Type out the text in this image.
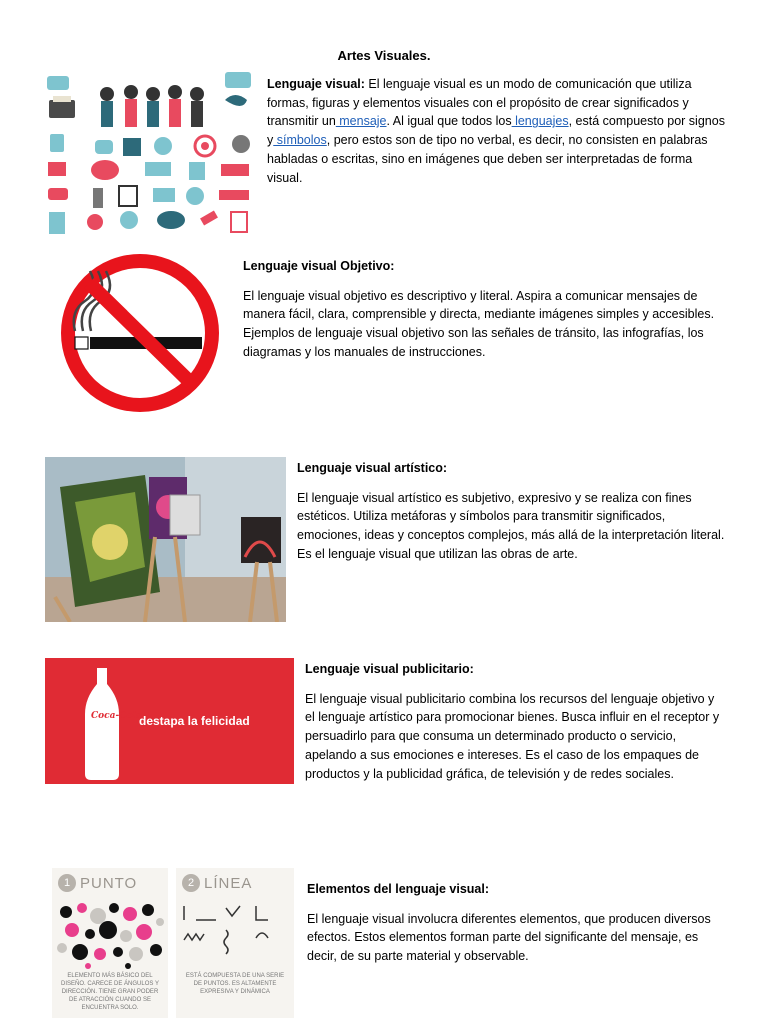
Artes Visuales.
Lenguaje visual: El lenguaje visual es un modo de comunicación que utiliza formas, figuras y elementos visuales con el propósito de crear significados y transmitir un mensaje. Al igual que todos los lenguajes, está compuesto por signos y símbolos, pero estos son de tipo no verbal, es decir, no consisten en palabras habladas o escritas, sino en imágenes que deben ser interpretadas de forma visual.

Lenguaje visual Objetivo:

El lenguaje visual objetivo es descriptivo y literal. Aspira a comunicar mensajes de manera fácil, clara, comprensible y directa, mediante imágenes simples y accesibles. Ejemplos de lenguaje visual objetivo son las señales de tránsito, las infografías, los diagramas y los manuales de instrucciones.

Lenguaje visual artístico:

El lenguaje visual artístico es subjetivo, expresivo y se realiza con fines estéticos. Utiliza metáforas y símbolos para transmitir significados, emociones, ideas y conceptos complejos, más allá de la interpretación literal. Es el lenguaje visual que utilizan las obras de arte.

Coca-Cola
destapa la felicidad

Lenguaje visual publicitario:

El lenguaje visual publicitario combina los recursos del lenguaje objetivo y el lenguaje artístico para promocionar bienes. Busca influir en el receptor y persuadirlo para que consuma un determinado producto o servicio, apelando a sus emociones e intereses. Es el caso de los empaques de productos y la publicidad gráfica, de televisión y de redes sociales.

1 PUNTO
ELEMENTO MÁS BÁSICO DEL DISEÑO. CARECE DE ÁNGULOS Y DIRECCIÓN. TIENE GRAN PODER DE ATRACCIÓN CUANDO SE ENCUENTRA SOLO.
2 LÍNEA
ESTÁ COMPUESTA DE UNA SERIE DE PUNTOS. ES ALTAMENTE EXPRESIVA Y DINÁMICA

Elementos del lenguaje visual:

El lenguaje visual involucra diferentes elementos, que producen diversos efectos. Estos elementos forman parte del significante del mensaje, es decir, de su parte material y observable.
